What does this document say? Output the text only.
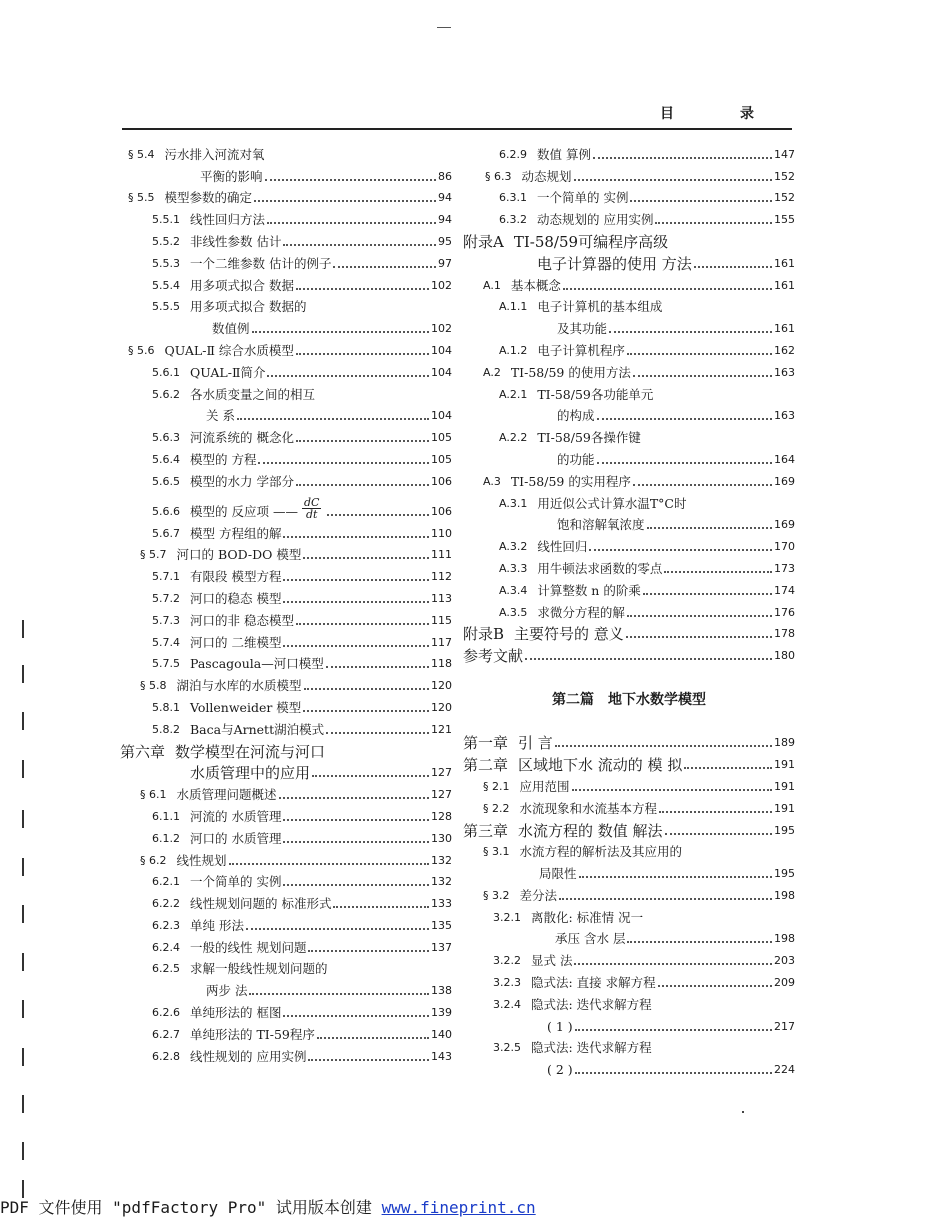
目　录
§ 5.4 污水排入河流对氧
平衡的影响	86
§ 5.5 模型参数的确定	94
5.5.1 线性回归方法	94
5.5.2 非线性参数 估计	95
5.5.3 一个二维参数 估计的例子	97
5.5.4 用多项式拟合 数据	102
5.5.5 用多项式拟合 数据的
数值例	102
§ 5.6 QUAL-Ⅱ 综合水质模型	104
5.6.1 QUAL-Ⅱ简介	104
5.6.2 各水质变量之间的相互
关 系	104
5.6.3 河流系统的 概念化	105
5.6.4 模型的 方程	105
5.6.5 模型的水力 学部分	106
5.6.6 模型的 反应项 —— $\frac{dC}{dt}$	106
5.6.7 模型 方程组的解	110
§ 5.7 河口的 BOD-DO 模型	111
5.7.1 有限段 模型方程	112
5.7.2 河口的稳态 模型	113
5.7.3 河口的非 稳态模型	115
5.7.4 河口的 二维模型	117
5.7.5 Pascagoula—河口模型	118
§ 5.8 湖泊与水库的水质模型	120
5.8.1 Vollenweider 模型	120
5.8.2 Baca与Arnett湖泊模式	121
第六章 数学模型在河流与河口
水质管理中的应用	127
§ 6.1 水质管理问题概述	127
6.1.1 河流的 水质管理	128
6.1.2 河口的 水质管理	130
§ 6.2 线性规划	132
6.2.1 一个简单的 实例	132
6.2.2 线性规划问题的 标准形式	133
6.2.3 单纯 形法	135
6.2.4 一般的线性 规划问题	137
6.2.5 求解一般线性规划问题的
两步 法	138
6.2.6 单纯形法的 框图	139
6.2.7 单纯形法的 TI-59程序	140
6.2.8 线性规划的 应用实例	143
6.2.9 数值 算例	147
§ 6.3 动态规划	152
6.3.1 一个简单的 实例	152
6.3.2 动态规划的 应用实例	155
附录A TI-58/59可编程序高级
电子计算器的使用 方法	161
A.1 基本概念	161
A.1.1 电子计算机的基本组成
及其功能	161
A.1.2 电子计算机程序	162
A.2 TI-58/59 的使用方法	163
A.2.1 TI-58/59各功能单元
的构成	163
A.2.2 TI-58/59各操作键
的功能	164
A.3 TI-58/59 的实用程序	169
A.3.1 用近似公式计算水温T°C时
饱和溶解氧浓度	169
A.3.2 线性回归	170
A.3.3 用牛顿法求函数的零点	173
A.3.4 计算整数 n 的阶乘	174
A.3.5 求微分方程的解	176
附录B 主要符号的 意义	178
参考文献	180
第二篇　地下水数学模型
第一章 引 言	189
第二章 区域地下水 流动的 模 拟	191
§ 2.1 应用范围	191
§ 2.2 水流现象和水流基本方程	191
第三章 水流方程的 数值 解法	195
§ 3.1 水流方程的解析法及其应用的
局限性	195
§ 3.2 差分法	198
3.2.1 离散化: 标准情 况一
承压 含水 层	198
3.2.2 显式 法	203
3.2.3 隐式法: 直接 求解方程	209
3.2.4 隐式法: 迭代求解方程
( 1 )	217
3.2.5 隐式法: 迭代求解方程
( 2 )	224
PDF 文件使用 "pdfFactory Pro" 试用版本创建 www.fineprint.cn
